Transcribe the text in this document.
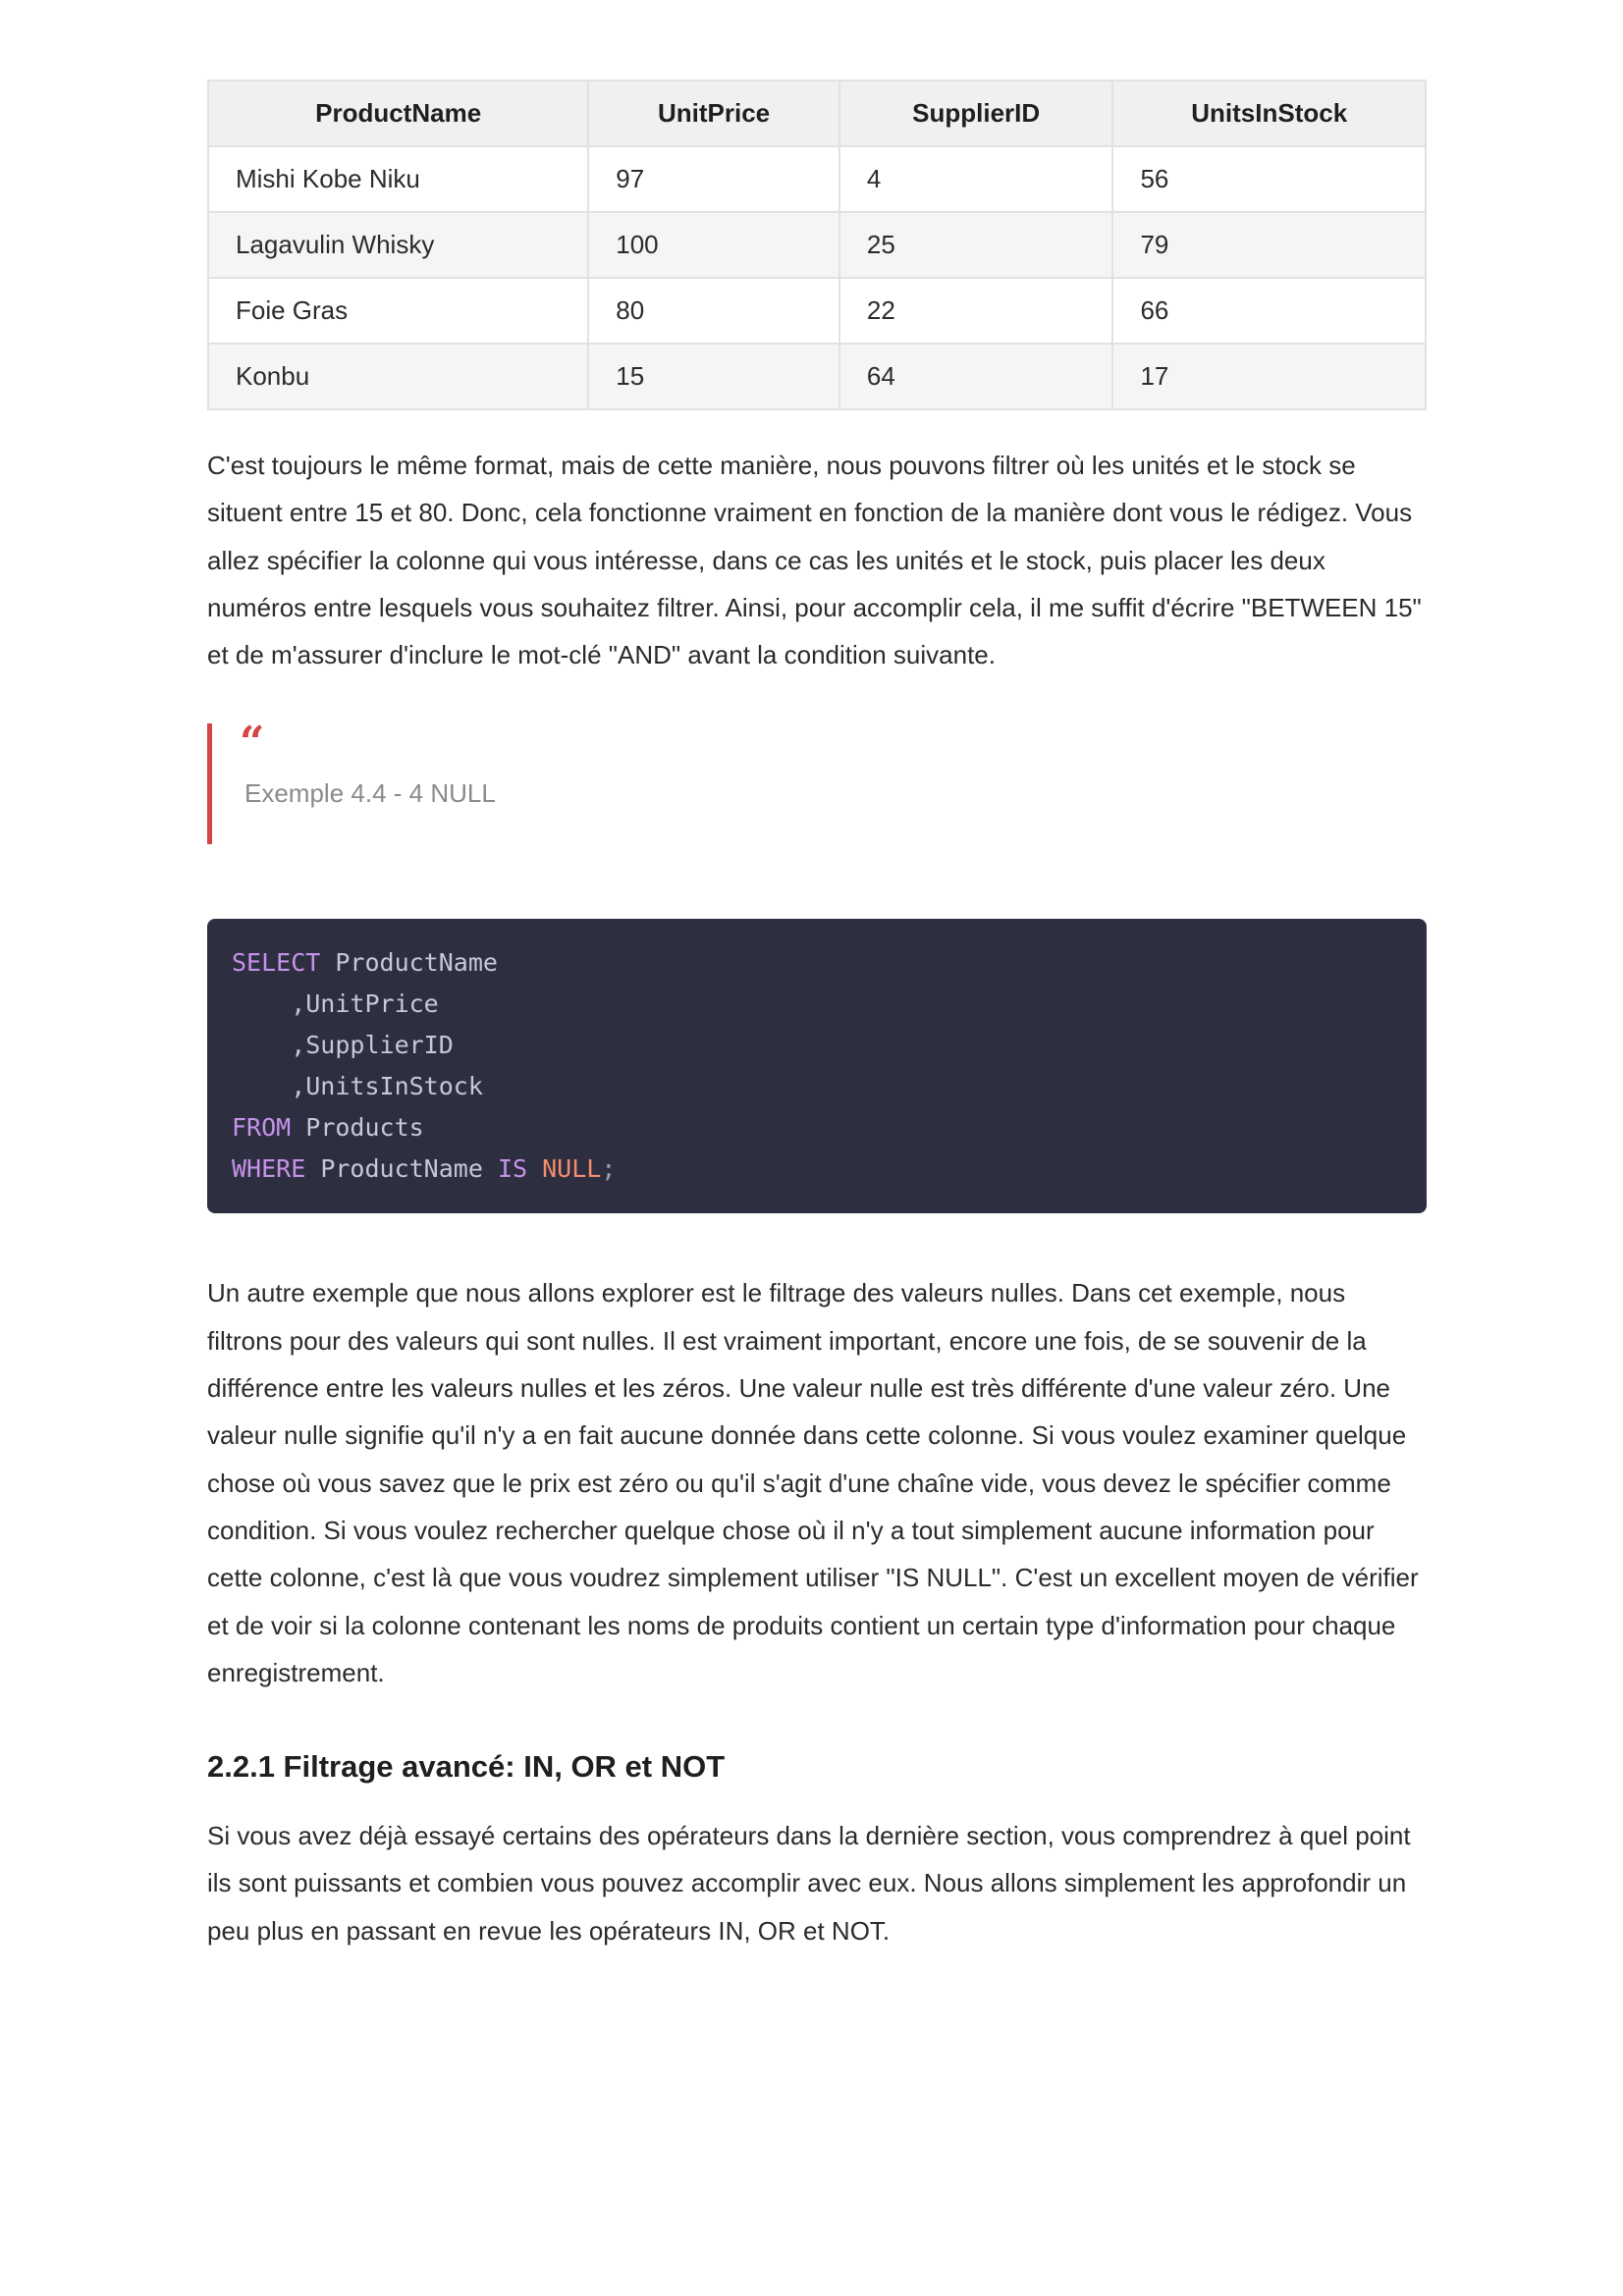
ProductName	UnitPrice	SupplierID	UnitsInStock
Mishi Kobe Niku	97	4	56
Lagavulin Whisky	100	25	79
Foie Gras	80	22	66
Konbu	15	64	17

C'est toujours le même format, mais de cette manière, nous pouvons filtrer où les unités et le stock se situent entre 15 et 80. Donc, cela fonctionne vraiment en fonction de la manière dont vous le rédigez. Vous allez spécifier la colonne qui vous intéresse, dans ce cas les unités et le stock, puis placer les deux numéros entre lesquels vous souhaitez filtrer. Ainsi, pour accomplir cela, il me suffit d'écrire "BETWEEN 15" et de m'assurer d'inclure le mot-clé "AND" avant la condition suivante.

“
Exemple 4.4 - 4 NULL
SELECT ProductName
,UnitPrice
,SupplierID
,UnitsInStock
FROM Products
WHERE ProductName IS NULL;

Un autre exemple que nous allons explorer est le filtrage des valeurs nulles. Dans cet exemple, nous filtrons pour des valeurs qui sont nulles. Il est vraiment important, encore une fois, de se souvenir de la différence entre les valeurs nulles et les zéros. Une valeur nulle est très différente d'une valeur zéro. Une valeur nulle signifie qu'il n'y a en fait aucune donnée dans cette colonne. Si vous voulez examiner quelque chose où vous savez que le prix est zéro ou qu'il s'agit d'une chaîne vide, vous devez le spécifier comme condition. Si vous voulez rechercher quelque chose où il n'y a tout simplement aucune information pour cette colonne, c'est là que vous voudrez simplement utiliser "IS NULL". C'est un excellent moyen de vérifier et de voir si la colonne contenant les noms de produits contient un certain type d'information pour chaque enregistrement.

2.2.1 Filtrage avancé: IN, OR et NOT

Si vous avez déjà essayé certains des opérateurs dans la dernière section, vous comprendrez à quel point ils sont puissants et combien vous pouvez accomplir avec eux. Nous allons simplement les approfondir un peu plus en passant en revue les opérateurs IN, OR et NOT.
